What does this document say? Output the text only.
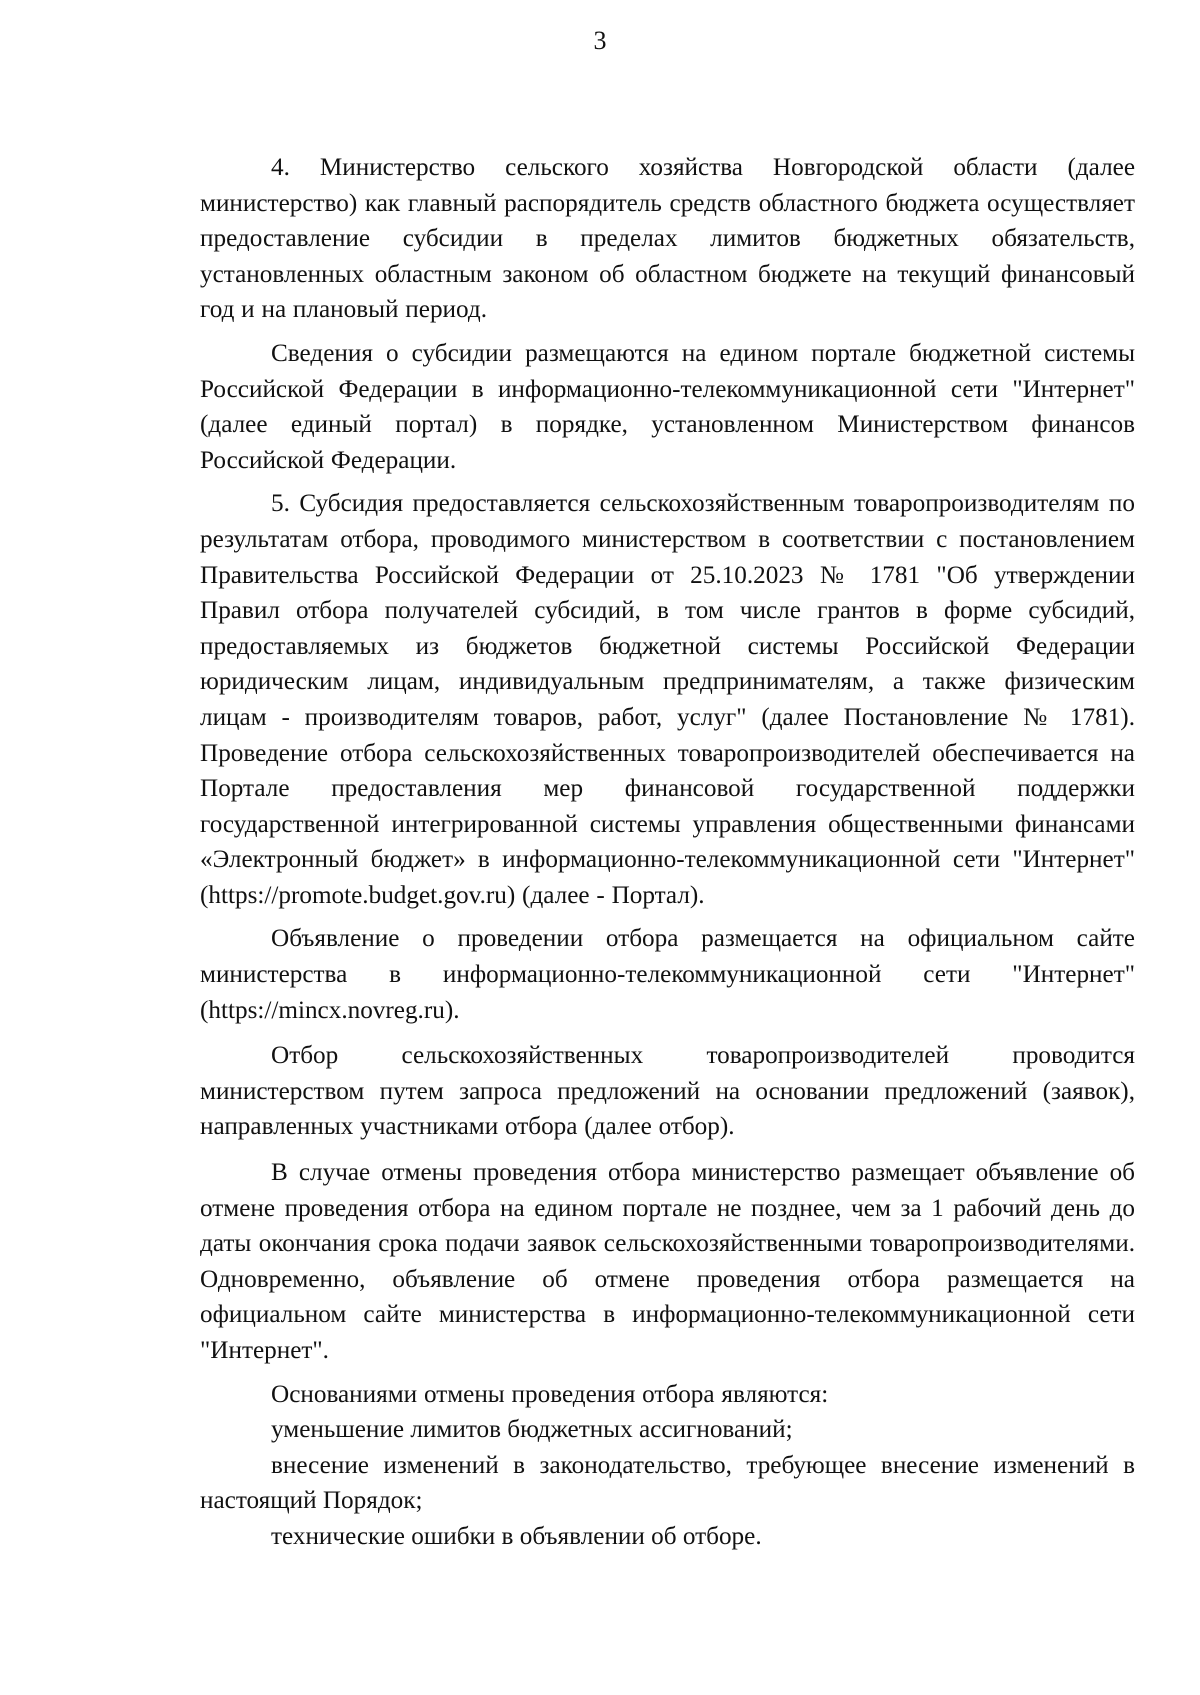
3

4. Министерство сельского хозяйства Новгородской области (далее министерство) как главный распорядитель средств областного бюджета осуществляет предоставление субсидии в пределах лимитов бюджетных обязательств, установленных областным законом об областном бюджете на текущий финансовый год и на плановый период.

Сведения о субсидии размещаются на едином портале бюджетной системы Российской Федерации в информационно-телекоммуникационной сети "Интернет" (далее единый портал) в порядке, установленном Министерством финансов Российской Федерации.

5. Субсидия предоставляется сельскохозяйственным товаропроизводителям по результатам отбора, проводимого министерством в соответствии с постановлением Правительства Российской Федерации от 25.10.2023 № 1781 "Об утверждении Правил отбора получателей субсидий, в том числе грантов в форме субсидий, предоставляемых из бюджетов бюджетной системы Российской Федерации юридическим лицам, индивидуальным предпринимателям, а также физическим лицам - производителям товаров, работ, услуг" (далее Постановление № 1781). Проведение отбора сельскохозяйственных товаропроизводителей обеспечивается на Портале предоставления мер финансовой государственной поддержки государственной интегрированной системы управления общественными финансами «Электронный бюджет» в информационно-телекоммуникационной сети "Интернет" (https://promote.budget.gov.ru) (далее - Портал).

Объявление о проведении отбора размещается на официальном сайте министерства в информационно-телекоммуникационной сети "Интернет" (https://mincx.novreg.ru).

Отбор сельскохозяйственных товаропроизводителей проводится министерством путем запроса предложений на основании предложений (заявок), направленных участниками отбора (далее отбор).

В случае отмены проведения отбора министерство размещает объявление об отмене проведения отбора на едином портале не позднее, чем за 1 рабочий день до даты окончания срока подачи заявок сельскохозяйственными товаропроизводителями. Одновременно, объявление об отмене проведения отбора размещается на официальном сайте министерства в информационно-телекоммуникационной сети "Интернет".

Основаниями отмены проведения отбора являются:

уменьшение лимитов бюджетных ассигнований;

внесение изменений в законодательство, требующее внесение изменений в настоящий Порядок;

технические ошибки в объявлении об отборе.
